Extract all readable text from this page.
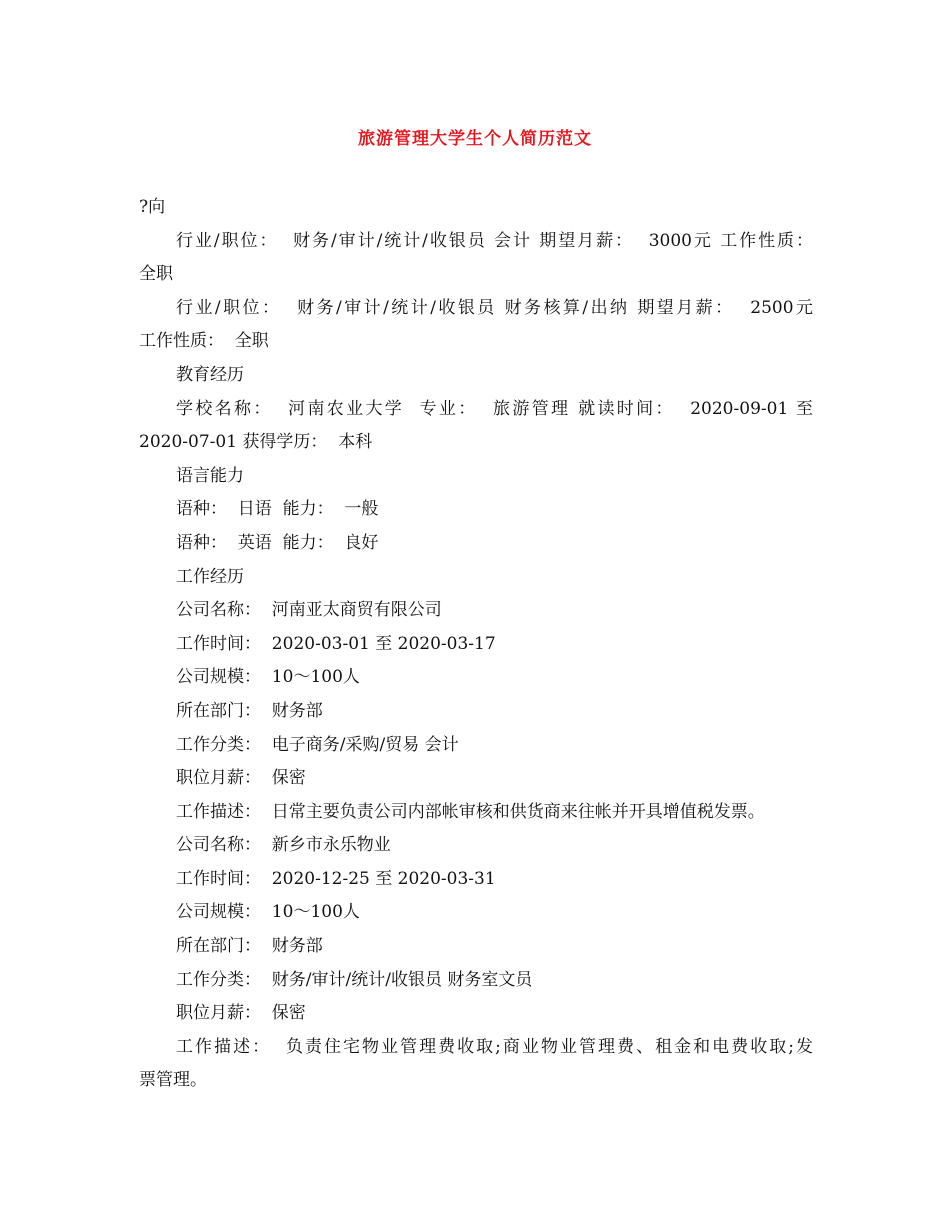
旅游管理大学生个人简历范文
?向
行业/职位：  财务/审计/统计/收银员 会计 期望月薪：  3000元 工作性质：
全职
行业/职位：  财务/审计/统计/收银员 财务核算/出纳 期望月薪：  2500元
工作性质：  全职
教育经历
学校名称：  河南农业大学  专业：  旅游管理 就读时间：  2020-09-01 至
2020-07-01 获得学历：  本科
语言能力
语种：  日语  能力：  一般
语种：  英语  能力：  良好
工作经历
公司名称：  河南亚太商贸有限公司
工作时间：  2020-03-01 至 2020-03-17
公司规模：  10～100人
所在部门：  财务部
工作分类：  电子商务/采购/贸易 会计
职位月薪：  保密
工作描述：  日常主要负责公司内部帐审核和供货商来往帐并开具增值税发票。
公司名称：  新乡市永乐物业
工作时间：  2020-12-25 至 2020-03-31
公司规模：  10～100人
所在部门：  财务部
工作分类：  财务/审计/统计/收银员 财务室文员
职位月薪：  保密
工作描述：  负责住宅物业管理费收取;商业物业管理费、租金和电费收取;发
票管理。
